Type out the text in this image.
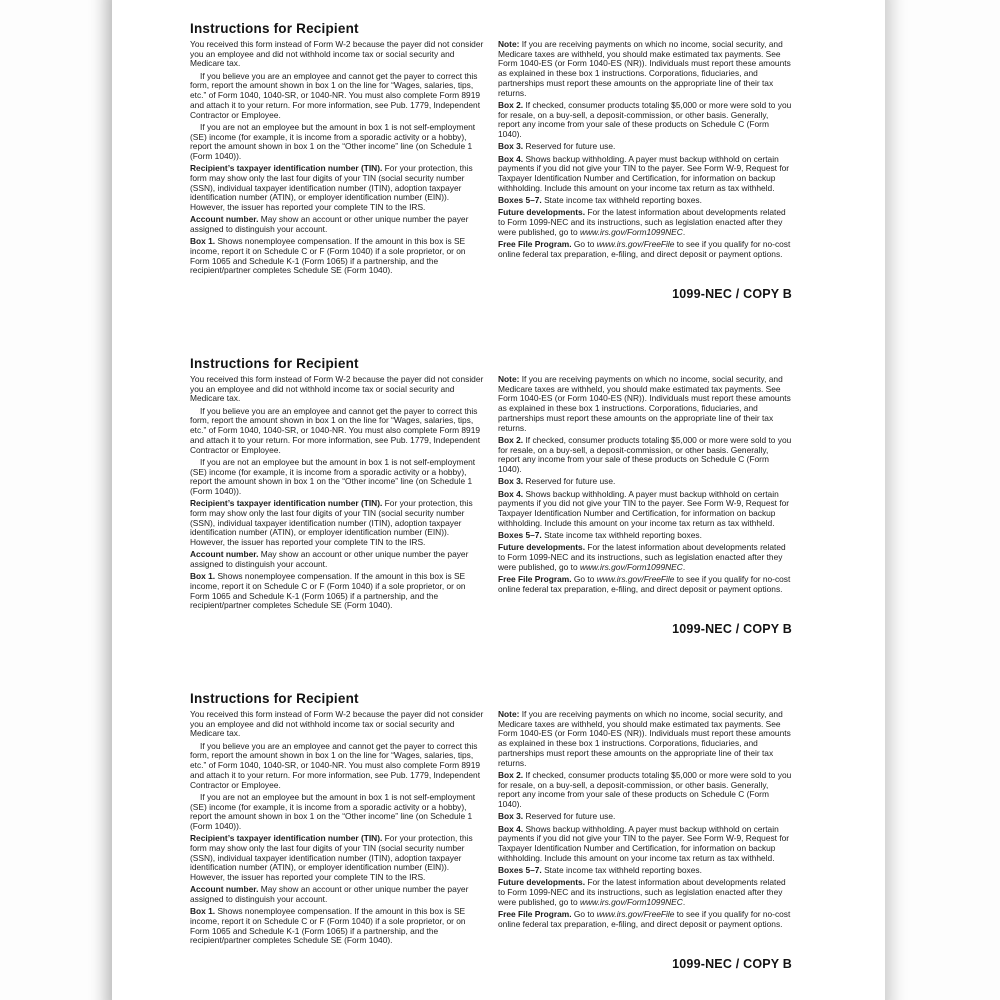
Instructions for Recipient

You received this form instead of Form W-2 because the payer did not consider you an employee and did not withhold income tax or social security and Medicare tax.

If you believe you are an employee and cannot get the payer to correct this form, report the amount shown in box 1 on the line for “Wages, salaries, tips, etc.” of Form 1040, 1040-SR, or 1040-NR. You must also complete Form 8919 and attach it to your return. For more information, see Pub. 1779, Independent Contractor or Employee.

If you are not an employee but the amount in box 1 is not self-employment (SE) income (for example, it is income from a sporadic activity or a hobby), report the amount shown in box 1 on the “Other income” line (on Schedule 1 (Form 1040)).

Recipient’s taxpayer identification number (TIN). For your protection, this form may show only the last four digits of your TIN (social security number (SSN), individual taxpayer identification number (ITIN), adoption taxpayer identification number (ATIN), or employer identification number (EIN)). However, the issuer has reported your complete TIN to the IRS.

Account number. May show an account or other unique number the payer assigned to distinguish your account.

Box 1. Shows nonemployee compensation. If the amount in this box is SE income, report it on Schedule C or F (Form 1040) if a sole proprietor, or on Form 1065 and Schedule K-1 (Form 1065) if a partnership, and the recipient/partner completes Schedule SE (Form 1040).

Note: If you are receiving payments on which no income, social security, and Medicare taxes are withheld, you should make estimated tax payments. See Form 1040-ES (or Form 1040-ES (NR)). Individuals must report these amounts as explained in these box 1 instructions. Corporations, fiduciaries, and partnerships must report these amounts on the appropriate line of their tax returns.

Box 2. If checked, consumer products totaling $5,000 or more were sold to you for resale, on a buy-sell, a deposit-commission, or other basis. Generally, report any income from your sale of these products on Schedule C (Form 1040).

Box 3. Reserved for future use.

Box 4. Shows backup withholding. A payer must backup withhold on certain payments if you did not give your TIN to the payer. See Form W-9, Request for Taxpayer Identification Number and Certification, for information on backup withholding. Include this amount on your income tax return as tax withheld.

Boxes 5–7. State income tax withheld reporting boxes.

Future developments. For the latest information about developments related to Form 1099-NEC and its instructions, such as legislation enacted after they were published, go to www.irs.gov/Form1099NEC.

Free File Program. Go to www.irs.gov/FreeFile to see if you qualify for no-cost online federal tax preparation, e-filing, and direct deposit or payment options.

1099-NEC / COPY B
Instructions for Recipient

You received this form instead of Form W-2 because the payer did not consider you an employee and did not withhold income tax or social security and Medicare tax.

If you believe you are an employee and cannot get the payer to correct this form, report the amount shown in box 1 on the line for “Wages, salaries, tips, etc.” of Form 1040, 1040-SR, or 1040-NR. You must also complete Form 8919 and attach it to your return. For more information, see Pub. 1779, Independent Contractor or Employee.

If you are not an employee but the amount in box 1 is not self-employment (SE) income (for example, it is income from a sporadic activity or a hobby), report the amount shown in box 1 on the “Other income” line (on Schedule 1 (Form 1040)).

Recipient’s taxpayer identification number (TIN). For your protection, this form may show only the last four digits of your TIN (social security number (SSN), individual taxpayer identification number (ITIN), adoption taxpayer identification number (ATIN), or employer identification number (EIN)). However, the issuer has reported your complete TIN to the IRS.

Account number. May show an account or other unique number the payer assigned to distinguish your account.

Box 1. Shows nonemployee compensation. If the amount in this box is SE income, report it on Schedule C or F (Form 1040) if a sole proprietor, or on Form 1065 and Schedule K-1 (Form 1065) if a partnership, and the recipient/partner completes Schedule SE (Form 1040).

Note: If you are receiving payments on which no income, social security, and Medicare taxes are withheld, you should make estimated tax payments. See Form 1040-ES (or Form 1040-ES (NR)). Individuals must report these amounts as explained in these box 1 instructions. Corporations, fiduciaries, and partnerships must report these amounts on the appropriate line of their tax returns.

Box 2. If checked, consumer products totaling $5,000 or more were sold to you for resale, on a buy-sell, a deposit-commission, or other basis. Generally, report any income from your sale of these products on Schedule C (Form 1040).

Box 3. Reserved for future use.

Box 4. Shows backup withholding. A payer must backup withhold on certain payments if you did not give your TIN to the payer. See Form W-9, Request for Taxpayer Identification Number and Certification, for information on backup withholding. Include this amount on your income tax return as tax withheld.

Boxes 5–7. State income tax withheld reporting boxes.

Future developments. For the latest information about developments related to Form 1099-NEC and its instructions, such as legislation enacted after they were published, go to www.irs.gov/Form1099NEC.

Free File Program. Go to www.irs.gov/FreeFile to see if you qualify for no-cost online federal tax preparation, e-filing, and direct deposit or payment options.

1099-NEC / COPY B
Instructions for Recipient

You received this form instead of Form W-2 because the payer did not consider you an employee and did not withhold income tax or social security and Medicare tax.

If you believe you are an employee and cannot get the payer to correct this form, report the amount shown in box 1 on the line for “Wages, salaries, tips, etc.” of Form 1040, 1040-SR, or 1040-NR. You must also complete Form 8919 and attach it to your return. For more information, see Pub. 1779, Independent Contractor or Employee.

If you are not an employee but the amount in box 1 is not self-employment (SE) income (for example, it is income from a sporadic activity or a hobby), report the amount shown in box 1 on the “Other income” line (on Schedule 1 (Form 1040)).

Recipient’s taxpayer identification number (TIN). For your protection, this form may show only the last four digits of your TIN (social security number (SSN), individual taxpayer identification number (ITIN), adoption taxpayer identification number (ATIN), or employer identification number (EIN)). However, the issuer has reported your complete TIN to the IRS.

Account number. May show an account or other unique number the payer assigned to distinguish your account.

Box 1. Shows nonemployee compensation. If the amount in this box is SE income, report it on Schedule C or F (Form 1040) if a sole proprietor, or on Form 1065 and Schedule K-1 (Form 1065) if a partnership, and the recipient/partner completes Schedule SE (Form 1040).

Note: If you are receiving payments on which no income, social security, and Medicare taxes are withheld, you should make estimated tax payments. See Form 1040-ES (or Form 1040-ES (NR)). Individuals must report these amounts as explained in these box 1 instructions. Corporations, fiduciaries, and partnerships must report these amounts on the appropriate line of their tax returns.

Box 2. If checked, consumer products totaling $5,000 or more were sold to you for resale, on a buy-sell, a deposit-commission, or other basis. Generally, report any income from your sale of these products on Schedule C (Form 1040).

Box 3. Reserved for future use.

Box 4. Shows backup withholding. A payer must backup withhold on certain payments if you did not give your TIN to the payer. See Form W-9, Request for Taxpayer Identification Number and Certification, for information on backup withholding. Include this amount on your income tax return as tax withheld.

Boxes 5–7. State income tax withheld reporting boxes.

Future developments. For the latest information about developments related to Form 1099-NEC and its instructions, such as legislation enacted after they were published, go to www.irs.gov/Form1099NEC.

Free File Program. Go to www.irs.gov/FreeFile to see if you qualify for no-cost online federal tax preparation, e-filing, and direct deposit or payment options.

1099-NEC / COPY B
